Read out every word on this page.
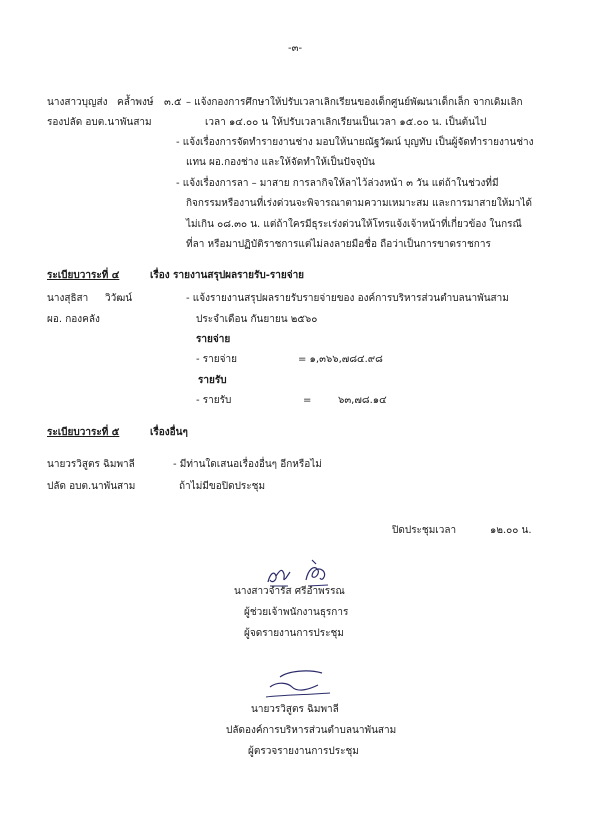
-๓-
นางสาวบุญส่ง คล้ำพงษ์ ๓.๕ – แจ้งกองการศึกษาให้ปรับเวลาเลิกเรียนของเด็กศูนย์พัฒนาเด็กเล็ก จากเดิมเลิก
รองปลัด อบต.นาพันสาม	เวลา ๑๔.๐๐ น ให้ปรับเวลาเลิกเรียนเป็นเวลา ๑๕.๐๐ น. เป็นต้นไป
- แจ้งเรื่องการจัดทำรายงานช่าง มอบให้นายณัฐวัฒน์ บุญทับ เป็นผู้จัดทำรายงานช่าง
แทน ผอ.กองช่าง และให้จัดทำให้เป็นปัจจุบัน
- แจ้งเรื่องการลา – มาสาย การลากิจให้ลาไว้ล่วงหน้า ๓ วัน แต่ถ้าในช่วงที่มี
กิจกรรมหรืองานที่เร่งด่วนจะพิจารณาตามความเหมาะสม และการมาสายให้มาได้
ไม่เกิน ๐๘.๓๐ น. แต่ถ้าใครมีธุระเร่งด่วนให้โทรแจ้งเจ้าหน้าที่เกี่ยวข้อง ในกรณี
ที่ลา หรือมาปฏิบัติราชการแต่ไม่ลงลายมือชื่อ ถือว่าเป็นการขาดราชการ
ระเบียบวาระที่ ๔	เรื่อง รายงานสรุปผลรายรับ-รายจ่าย
นางสุธิสา วิวัฒน์	- แจ้งรายงานสรุปผลรายรับรายจ่ายของ องค์การบริหารส่วนตำบลนาพันสาม
ผอ. กองคลัง	ประจำเดือน กันยายน ๒๕๖๐
รายจ่าย
- รายจ่าย	= ๑,๓๖๖,๗๘๔.๙๘
รายรับ
- รายรับ	=	๖๓,๗๘.๑๔
ระเบียบวาระที่ ๕	เรื่องอื่นๆ
นายวรวิสูตร ฉิมพาลี	- มีท่านใดเสนอเรื่องอื่นๆ อีกหรือไม่
ปลัด อบต.นาพันสาม	ถ้าไม่มีขอปิดประชุม
ปิดประชุมเวลา	๑๒.๐๐ น.
นางสาวจำรัส ศรีอำพรรณ
ผู้ช่วยเจ้าพนักงานธุรการ
ผู้จดรายงานการประชุม
นายวรวิสูตร ฉิมพาลี
ปลัดองค์การบริหารส่วนตำบลนาพันสาม
ผู้ตรวจรายงานการประชุม
